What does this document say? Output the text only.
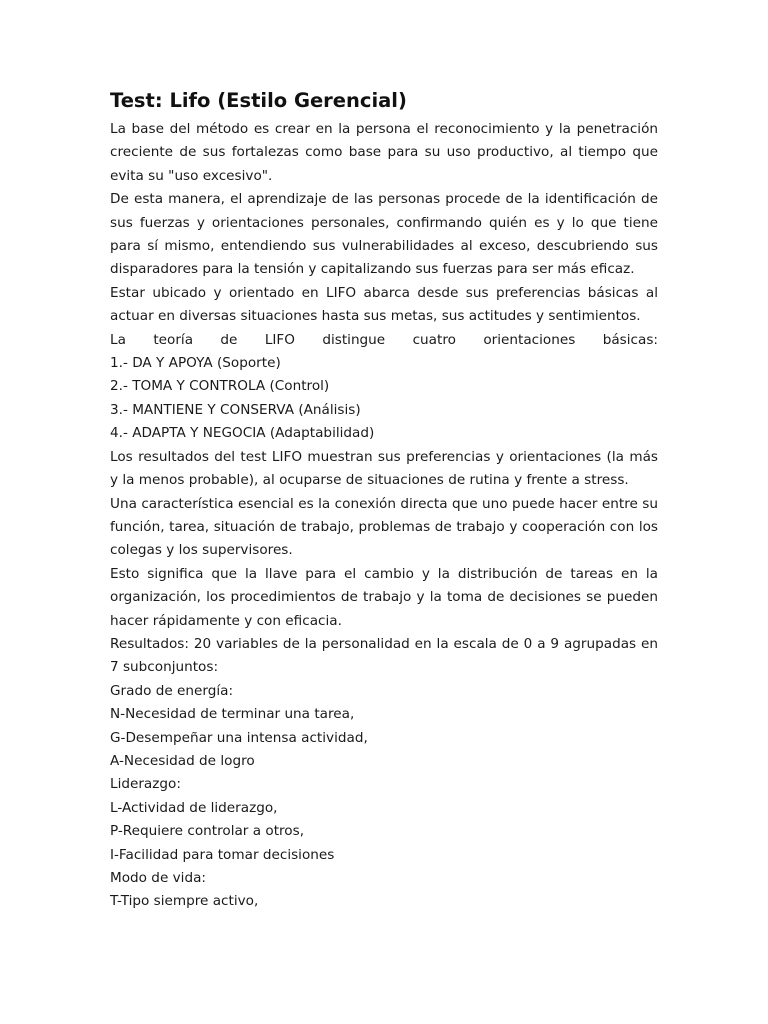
Test: Lifo (Estilo Gerencial)

La base del método es crear en la persona el reconocimiento y la penetración creciente de sus fortalezas como base para su uso productivo, al tiempo que evita su "uso excesivo".

De esta manera, el aprendizaje de las personas procede de la identificación de sus fuerzas y orientaciones personales, confirmando quién es y lo que tiene para sí mismo, entendiendo sus vulnerabilidades al exceso, descubriendo sus disparadores para la tensión y capitalizando sus fuerzas para ser más eficaz.

Estar ubicado y orientado en LIFO abarca desde sus preferencias básicas al actuar en diversas situaciones hasta sus metas, sus actitudes y sentimientos.

La teoría de LIFO distingue cuatro orientaciones básicas:

1.- DA Y APOYA (Soporte)

2.- TOMA Y CONTROLA (Control)

3.- MANTIENE Y CONSERVA (Análisis)

4.- ADAPTA Y NEGOCIA (Adaptabilidad)

Los resultados del test LIFO muestran sus preferencias y orientaciones (la más y la menos probable), al ocuparse de situaciones de rutina y frente a stress.

Una característica esencial es la conexión directa que uno puede hacer entre su función, tarea, situación de trabajo, problemas de trabajo y cooperación con los colegas y los supervisores.

Esto significa que la llave para el cambio y la distribución de tareas en la organización, los procedimientos de trabajo y la toma de decisiones se pueden hacer rápidamente y con eficacia.

Resultados: 20 variables de la personalidad en la escala de 0 a 9 agrupadas en 7 subconjuntos:

Grado de energía:

N-Necesidad de terminar una tarea,

G-Desempeñar una intensa actividad,

A-Necesidad de logro

Liderazgo:

L-Actividad de liderazgo,

P-Requiere controlar a otros,

I-Facilidad para tomar decisiones

Modo de vida:

T-Tipo siempre activo,
